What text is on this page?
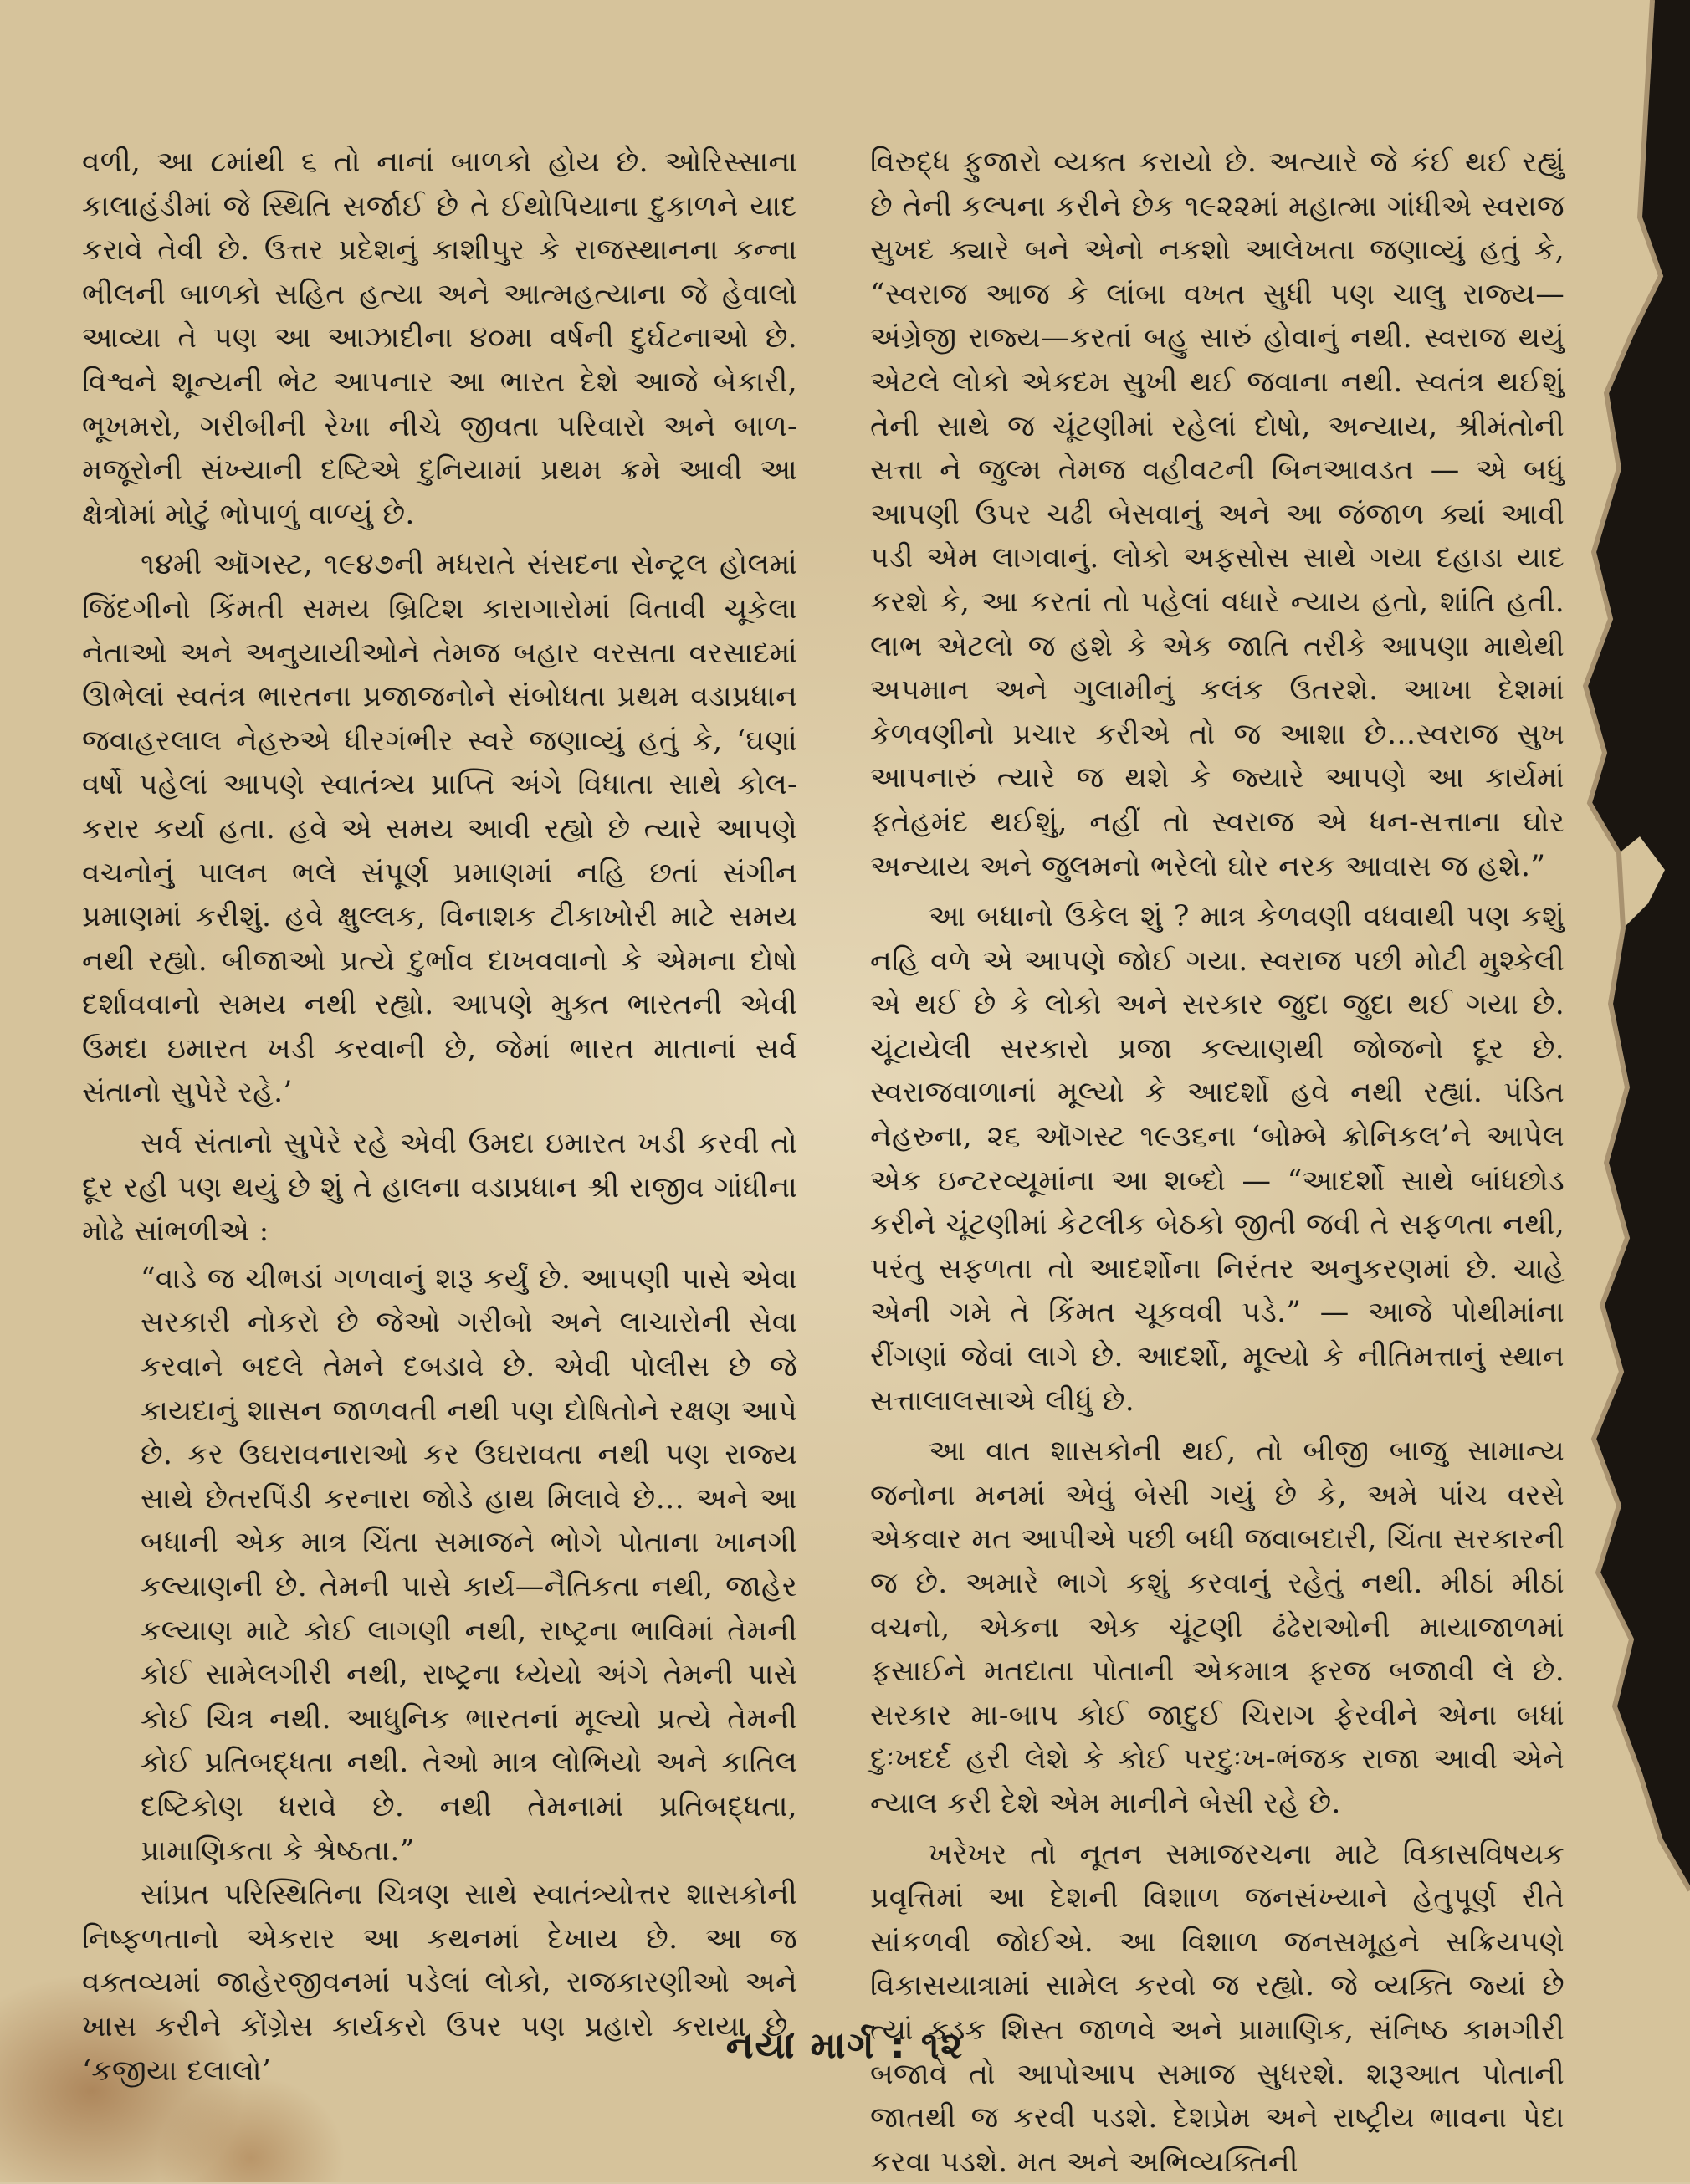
વળી, આ ૮માંથી ૬ તો નાનાં બાળકો હોય છે. ઓરિસ્સાના કાલાહંડીમાં જે સ્થિતિ સર્જાઈ છે તે ઈથોપિયાના દુકાળને યાદ કરાવે તેવી છે. ઉત્તર પ્રદેશનું કાશીપુર કે રાજસ્થાનના કન્ના ભીલની બાળકો સહિત હત્યા અને આત્મહત્યાના જે હેવાલો આવ્યા તે પણ આ આઝાદીના ૪૦મા વર્ષની દુર્ઘટનાઓ છે. વિશ્વને શૂન્યની ભેટ આપનાર આ ભારત દેશે આજે બેકારી, ભૂખમરો, ગરીબીની રેખા નીચે જીવતા પરિવારો અને બાળ-મજૂરોની સંખ્યાની દષ્ટિએ દુનિયામાં પ્રથમ ક્રમે આવી આ ક્ષેત્રોમાં મોટું ભોપાળું વાળ્યું છે.

૧૪મી ઑગસ્ટ, ૧૯૪૭ની મધરાતે સંસદના સેન્ટ્રલ હોલમાં જિંદગીનો કિંમતી સમય બ્રિટિશ કારાગારોમાં વિતાવી ચૂકેલા નેતાઓ અને અનુયાયીઓને તેમજ બહાર વરસતા વરસાદમાં ઊભેલાં સ્વતંત્ર ભારતના પ્રજાજનોને સંબોધતા પ્રથમ વડાપ્રધાન જવાહરલાલ નેહરુએ ધીરગંભીર સ્વરે જણાવ્યું હતું કે, ‘ઘણાં વર્ષો પહેલાં આપણે સ્વાતંત્ર્ય પ્રાપ્તિ અંગે વિધાતા સાથે કોલ-કરાર કર્યા હતા. હવે એ સમય આવી રહ્યો છે ત્યારે આપણે વચનોનું પાલન ભલે સંપૂર્ણ પ્રમાણમાં નહિ છતાં સંગીન પ્રમાણમાં કરીશું. હવે ક્ષુલ્લક, વિનાશક ટીકાખોરી માટે સમય નથી રહ્યો. બીજાઓ પ્રત્યે દુર્ભાવ દાખવવાનો કે એમના દોષો દર્શાવવાનો સમય નથી રહ્યો. આપણે મુક્ત ભારતની એવી ઉમદા ઇમારત ખડી કરવાની છે, જેમાં ભારત માતાનાં સર્વ સંતાનો સુપેરે રહે.’

સર્વ સંતાનો સુપેરે રહે એવી ઉમદા ઇમારત ખડી કરવી તો દૂર રહી પણ થયું છે શું તે હાલના વડાપ્રધાન શ્રી રાજીવ ગાંધીના મોઢે સાંભળીએ :

“વાડે જ ચીભડાં ગળવાનું શરૂ કર્યું છે. આપણી પાસે એવા સરકારી નોકરો છે જેઓ ગરીબો અને લાચારોની સેવા કરવાને બદલે તેમને દબડાવે છે. એવી પોલીસ છે જે કાયદાનું શાસન જાળવતી નથી પણ દોષિતોને રક્ષણ આપે છે. કર ઉઘરાવનારાઓ કર ઉઘરાવતા નથી પણ રાજ્ય સાથે છેતરપિંડી કરનારા જોડે હાથ મિલાવે છે… અને આ બધાની એક માત્ર ચિંતા સમાજને ભોગે પોતાના ખાનગી કલ્યાણની છે. તેમની પાસે કાર્ય—નૈતિકતા નથી, જાહેર કલ્યાણ માટે કોઈ લાગણી નથી, રાષ્ટ્રના ભાવિમાં તેમની કોઈ સામેલગીરી નથી, રાષ્ટ્રના ધ્યેયો અંગે તેમની પાસે કોઈ ચિત્ર નથી. આધુનિક ભારતનાં મૂલ્યો પ્રત્યે તેમની કોઈ પ્રતિબદ્ધતા નથી. તેઓ માત્ર લોભિયો અને કાતિલ દષ્ટિકોણ ધરાવે છે. નથી તેમનામાં પ્રતિબદ્ધતા, પ્રામાણિકતા કે શ્રેષ્ઠતા.”

સાંપ્રત પરિસ્થિતિના ચિત્રણ સાથે સ્વાતંત્ર્યોત્તર શાસકોની નિષ્ફળતાનો એકરાર આ કથનમાં દેખાય છે. આ જ વક્તવ્યમાં જાહેરજીવનમાં પડેલાં લોકો, રાજકારણીઓ અને ખાસ કરીને કોંગ્રેસ કાર્યકરો ઉપર પણ પ્રહારો કરાયા છે, ‘કજીયા દલાલો’

વિરુદ્ધ ફુજારો વ્યક્ત કરાયો છે. અત્યારે જે કંઈ થઈ રહ્યું છે તેની કલ્પના કરીને છેક ૧૯૨૨માં મહાત્મા ગાંધીએ સ્વરાજ સુખદ ક્યારે બને એનો નકશો આલેખતા જણાવ્યું હતું કે, “સ્વરાજ આજ કે લાંબા વખત સુધી પણ ચાલુ રાજ્ય—અંગ્રેજી રાજ્ય—કરતાં બહુ સારું હોવાનું નથી. સ્વરાજ થયું એટલે લોકો એકદમ સુખી થઈ જવાના નથી. સ્વતંત્ર થઈશું તેની સાથે જ ચૂંટણીમાં રહેલાં દોષો, અન્યાય, શ્રીમંતોની સત્તા ને જુલ્મ તેમજ વહીવટની બિનઆવડત — એ બધું આપણી ઉપર ચઢી બેસવાનું અને આ જંજાળ ક્યાં આવી પડી એમ લાગવાનું. લોકો અફસોસ સાથે ગયા દહાડા યાદ કરશે કે, આ કરતાં તો પહેલાં વધારે ન્યાય હતો, શાંતિ હતી. લાભ એટલો જ હશે કે એક જાતિ તરીકે આપણા માથેથી અપમાન અને ગુલામીનું કલંક ઉતરશે. આખા દેશમાં કેળવણીનો પ્રચાર કરીએ તો જ આશા છે…સ્વરાજ સુખ આપનારું ત્યારે જ થશે કે જ્યારે આપણે આ કાર્યમાં ફતેહમંદ થઈશું, નહીં તો સ્વરાજ એ ધન-સત્તાના ઘોર અન્યાય અને જુલમનો ભરેલો ઘોર નરક આવાસ જ હશે.”

આ બધાનો ઉકેલ શું ? માત્ર કેળવણી વધવાથી પણ કશું નહિ વળે એ આપણે જોઈ ગયા. સ્વરાજ પછી મોટી મુશ્કેલી એ થઈ છે કે લોકો અને સરકાર જુદા જુદા થઈ ગયા છે. ચૂંટાયેલી સરકારો પ્રજા કલ્યાણથી જોજનો દૂર છે. સ્વરાજવાળાનાં મૂલ્યો કે આદર્શો હવે નથી રહ્યાં. પંડિત નેહરુના, ૨૬ ઑગસ્ટ ૧૯૩૬ના ‘બોમ્બે ક્રોનિકલ’ને આપેલ એક ઇન્ટરવ્યૂમાંના આ શબ્દો — “આદર્શો સાથે બાંધછોડ કરીને ચૂંટણીમાં કેટલીક બેઠકો જીતી જવી તે સફળતા નથી, પરંતુ સફળતા તો આદર્શોના નિરંતર અનુકરણમાં છે. ચાહે એની ગમે તે કિંમત ચૂકવવી પડે.” — આજે પોથીમાંના રીંગણાં જેવાં લાગે છે. આદર્શો, મૂલ્યો કે નીતિમત્તાનું સ્થાન સત્તાલાલસાએ લીધું છે.

આ વાત શાસકોની થઈ, તો બીજી બાજુ સામાન્ય જનોના મનમાં એવું બેસી ગયું છે કે, અમે પાંચ વરસે એકવાર મત આપીએ પછી બધી જવાબદારી, ચિંતા સરકારની જ છે. અમારે ભાગે કશું કરવાનું રહેતું નથી. મીઠાં મીઠાં વચનો, એકના એક ચૂંટણી ઢંઢેરાઓની માયાજાળમાં ફસાઈને મતદાતા પોતાની એકમાત્ર ફરજ બજાવી લે છે. સરકાર મા-બાપ કોઈ જાદુઈ ચિરાગ ફેરવીને એના બધાં દુઃખદર્દ હરી લેશે કે કોઈ પરદુઃખ-ભંજક રાજા આવી એને ન્યાલ કરી દેશે એમ માનીને બેસી રહે છે.

ખરેખર તો નૂતન સમાજરચના માટે વિકાસવિષયક પ્રવૃત્તિમાં આ દેશની વિશાળ જનસંખ્યાને હેતુપૂર્ણ રીતે સાંકળવી જોઈએ. આ વિશાળ જનસમૂહને સક્રિયપણે વિકાસયાત્રામાં સામેલ કરવો જ રહ્યો. જે વ્યક્તિ જ્યાં છે ત્યાં કડક શિસ્ત જાળવે અને પ્રામાણિક, સંનિષ્ઠ કામગીરી બજાવે તો આપોઆપ સમાજ સુધરશે. શરૂઆત પોતાની જાતથી જ કરવી પડશે. દેશપ્રેમ અને રાષ્ટ્રીય ભાવના પેદા કરવા પડશે. મત અને અભિવ્યક્તિની

નયા માર્ગ : ૧૨
